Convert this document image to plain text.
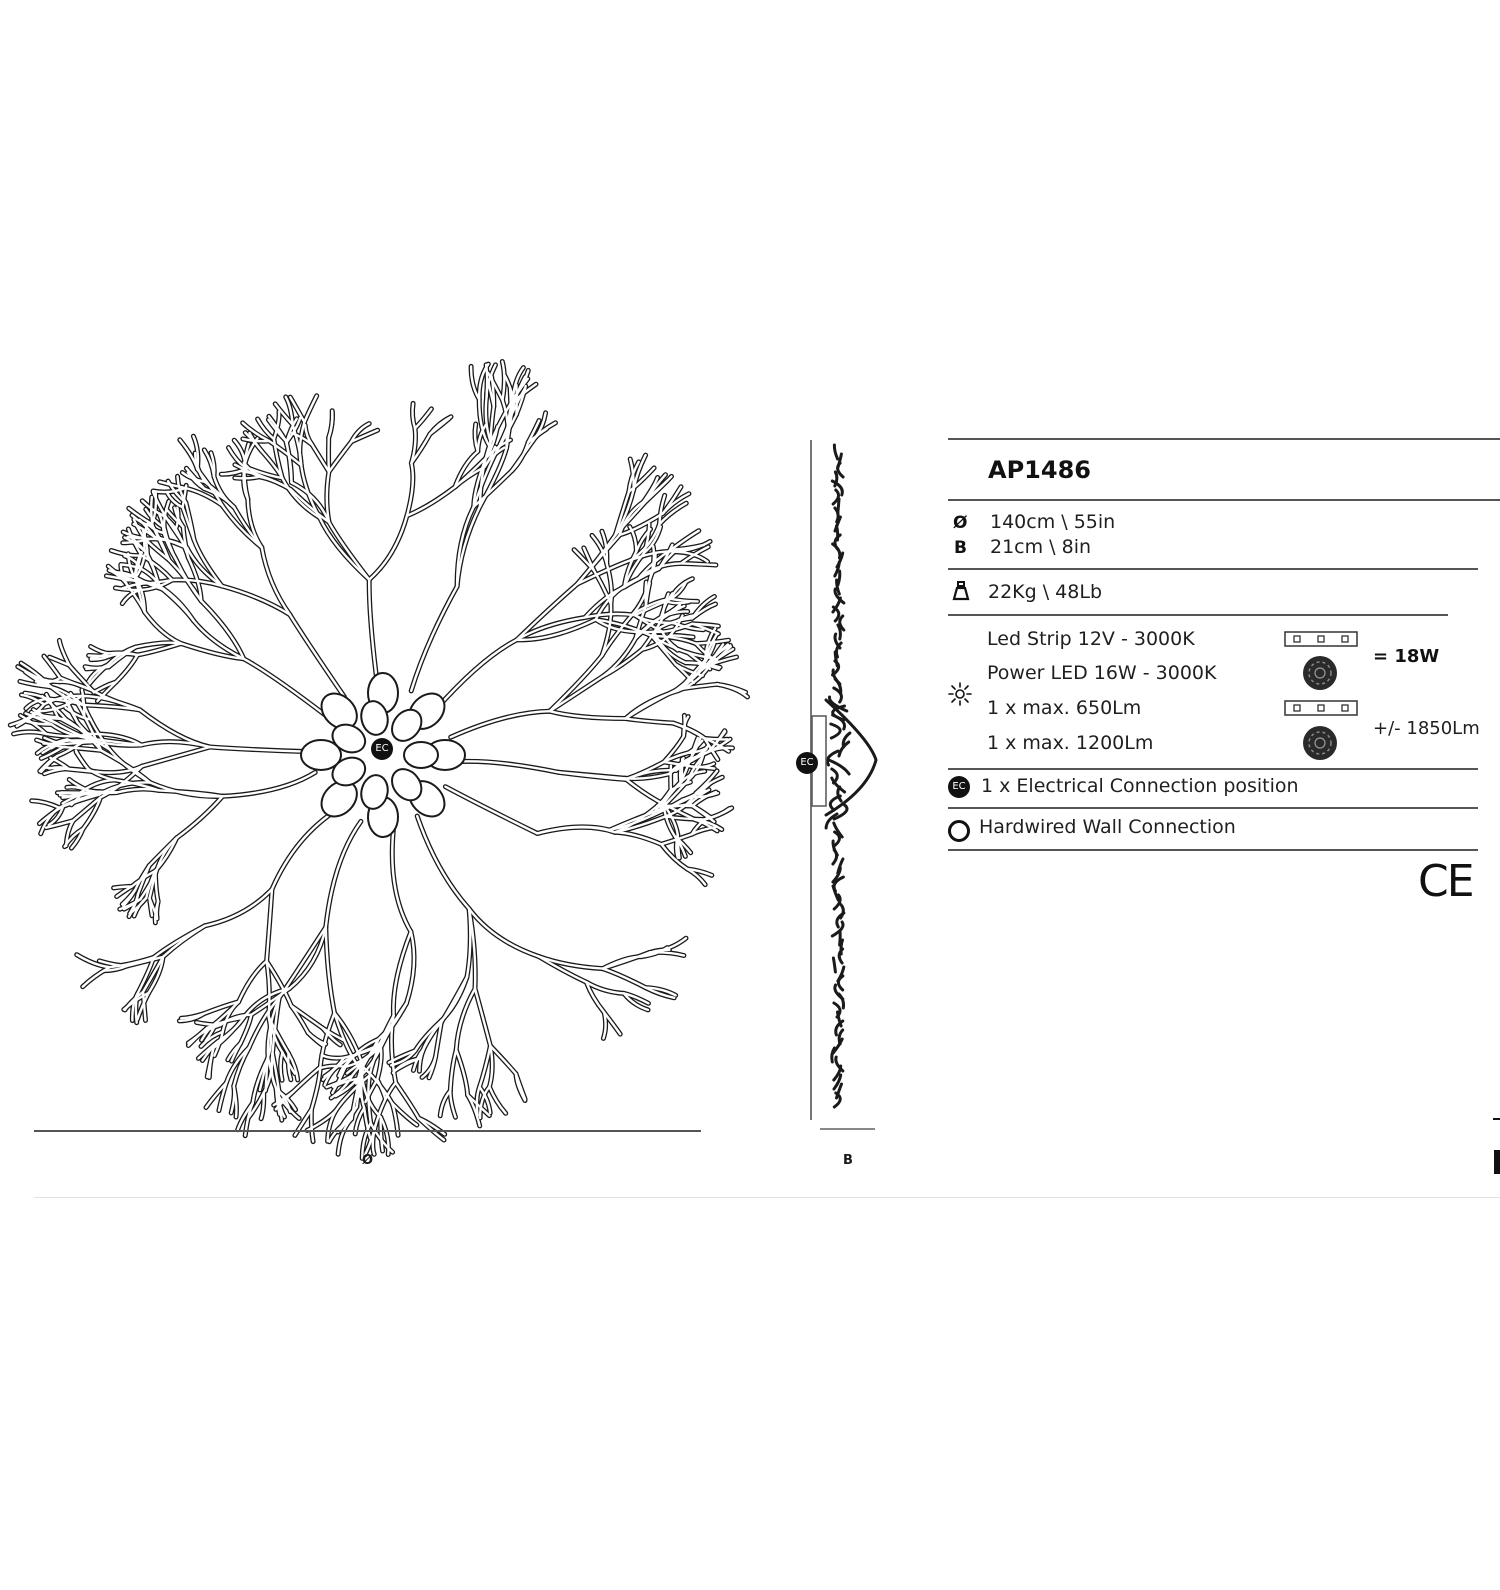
EC
Ø
EC
B
AP1486
Ø 140cm \ 55in
B 21cm \ 8in
22Kg \ 48Lb
Led Strip 12V - 3000K
Power LED 16W - 3000K
1 x max. 650Lm
1 x max. 1200Lm
= 18W
+/- 1850Lm
EC 1 x Electrical Connection position
Hardwired Wall Connection
CE
